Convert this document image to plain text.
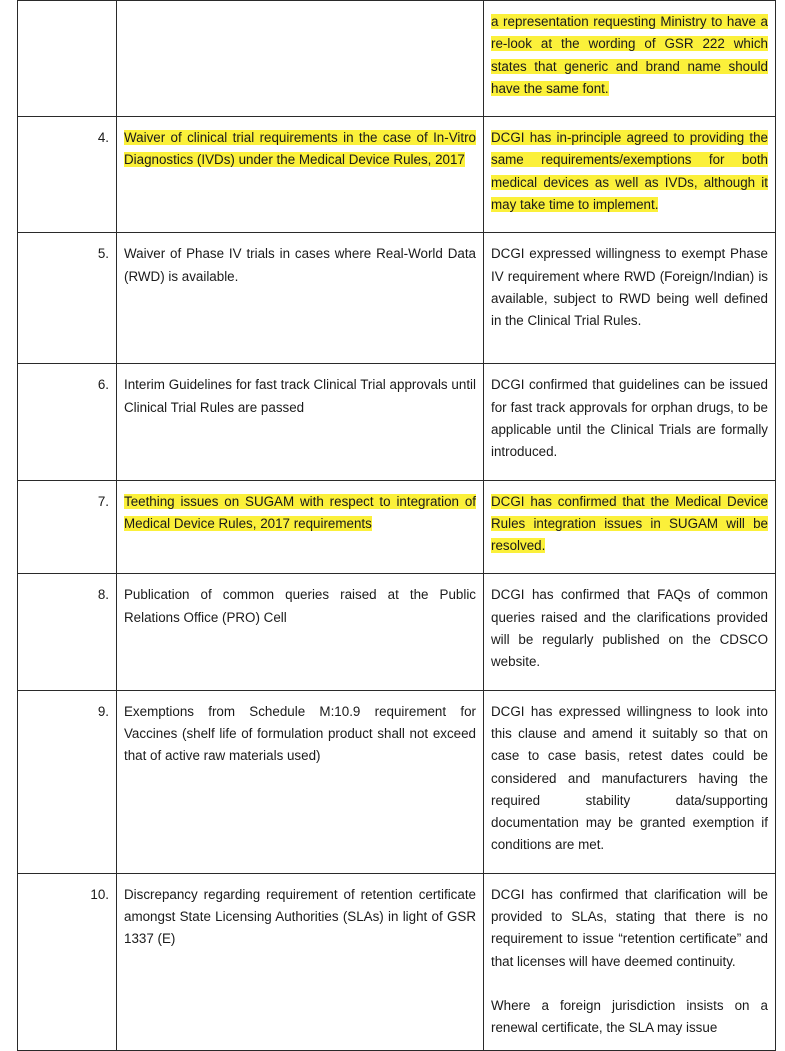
		a representation requesting Ministry to have a re-look at the wording of GSR 222 which states that generic and brand name should have the same font.
4.	Waiver of clinical trial requirements in the case of In-Vitro Diagnostics (IVDs) under the Medical Device Rules, 2017	DCGI has in-principle agreed to providing the same requirements/exemptions for both medical devices as well as IVDs, although it may take time to implement.
5.	Waiver of Phase IV trials in cases where Real-World Data (RWD) is available.	DCGI expressed willingness to exempt Phase IV requirement where RWD (Foreign/Indian) is available, subject to RWD being well defined in the Clinical Trial Rules.
6.	Interim Guidelines for fast track Clinical Trial approvals until Clinical Trial Rules are passed	DCGI confirmed that guidelines can be issued for fast track approvals for orphan drugs, to be applicable until the Clinical Trials are formally introduced.
7.	Teething issues on SUGAM with respect to integration of Medical Device Rules, 2017 requirements	DCGI has confirmed that the Medical Device Rules integration issues in SUGAM will be resolved.
8.	Publication of common queries raised at the Public Relations Office (PRO) Cell	DCGI has confirmed that FAQs of common queries raised and the clarifications provided will be regularly published on the CDSCO website.
9.	Exemptions from Schedule M:10.9 requirement for Vaccines (shelf life of formulation product shall not exceed that of active raw materials used)	DCGI has expressed willingness to look into this clause and amend it suitably so that on case to case basis, retest dates could be considered and manufacturers having the required stability data/supporting documentation may be granted exemption if conditions are met.
10.	Discrepancy regarding requirement of retention certificate amongst State Licensing Authorities (SLAs) in light of GSR 1337 (E)	DCGI has confirmed that clarification will be provided to SLAs, stating that there is no requirement to issue “retention certificate” and that licenses will have deemed continuity.
Where a foreign jurisdiction insists on a renewal certificate, the SLA may issue
